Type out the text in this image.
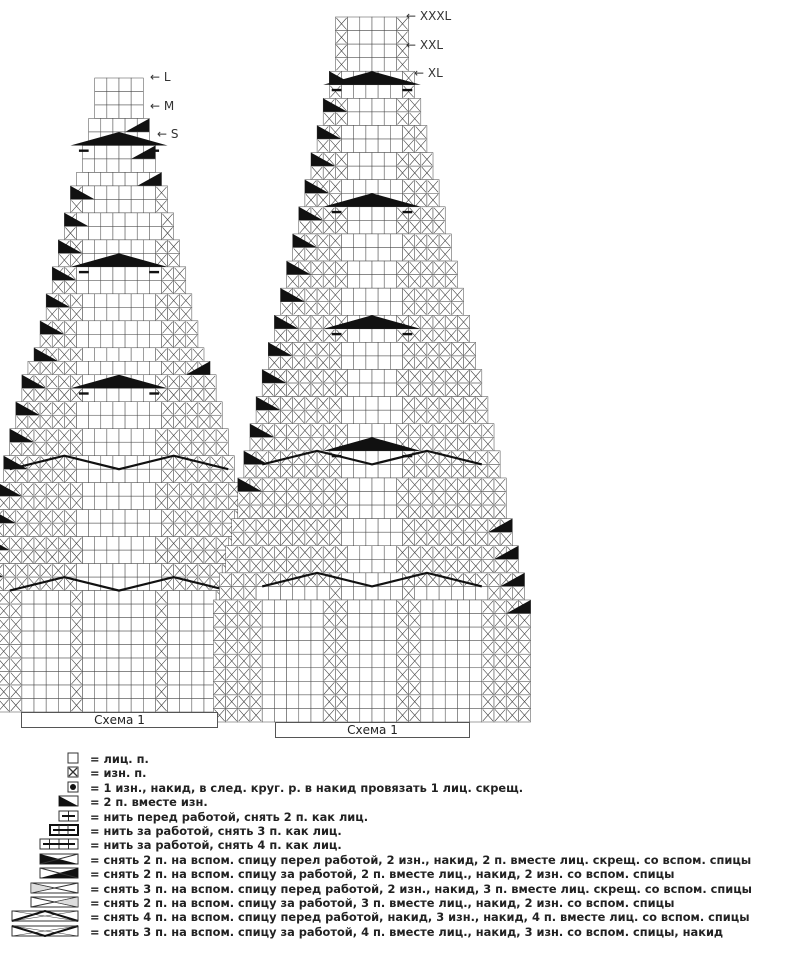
← L
← M
← S
← XXXL
← XXL
← XL
Схема 1
Схема 1
= лиц. п.
= изн. п.
= 1 изн., накид, в след. круг. р. в накид провязать 1 лиц. скрещ.
= 2 п. вместе изн.
= нить перед работой, снять 2 п. как лиц.
= нить за работой, снять 3 п. как лиц.
= нить за работой, снять 4 п. как лиц.
= снять 2 п. на вспом. спицу перел работой, 2 изн., накид, 2 п. вместе лиц. скрещ. со вспом. спицы
= снять 2 п. на вспом. спицу за работой, 2 п. вместе лиц., накид, 2 изн. со вспом. спицы
= снять 3 п. на вспом. спицу перед работой, 2 изн., накид, 3 п. вместе лиц. скрещ. со вспом. спицы
= снять 2 п. на вспом. спицу за работой, 3 п. вместе лиц., накид, 2 изн. со вспом. спицы
= снять 4 п. на вспом. спицу перед работой, накид, 3 изн., накид, 4 п. вместе лиц. со вспом. спицы
= снять 3 п. на вспом. спицу за работой, 4 п. вместе лиц., накид, 3 изн. со вспом. спицы, накид
